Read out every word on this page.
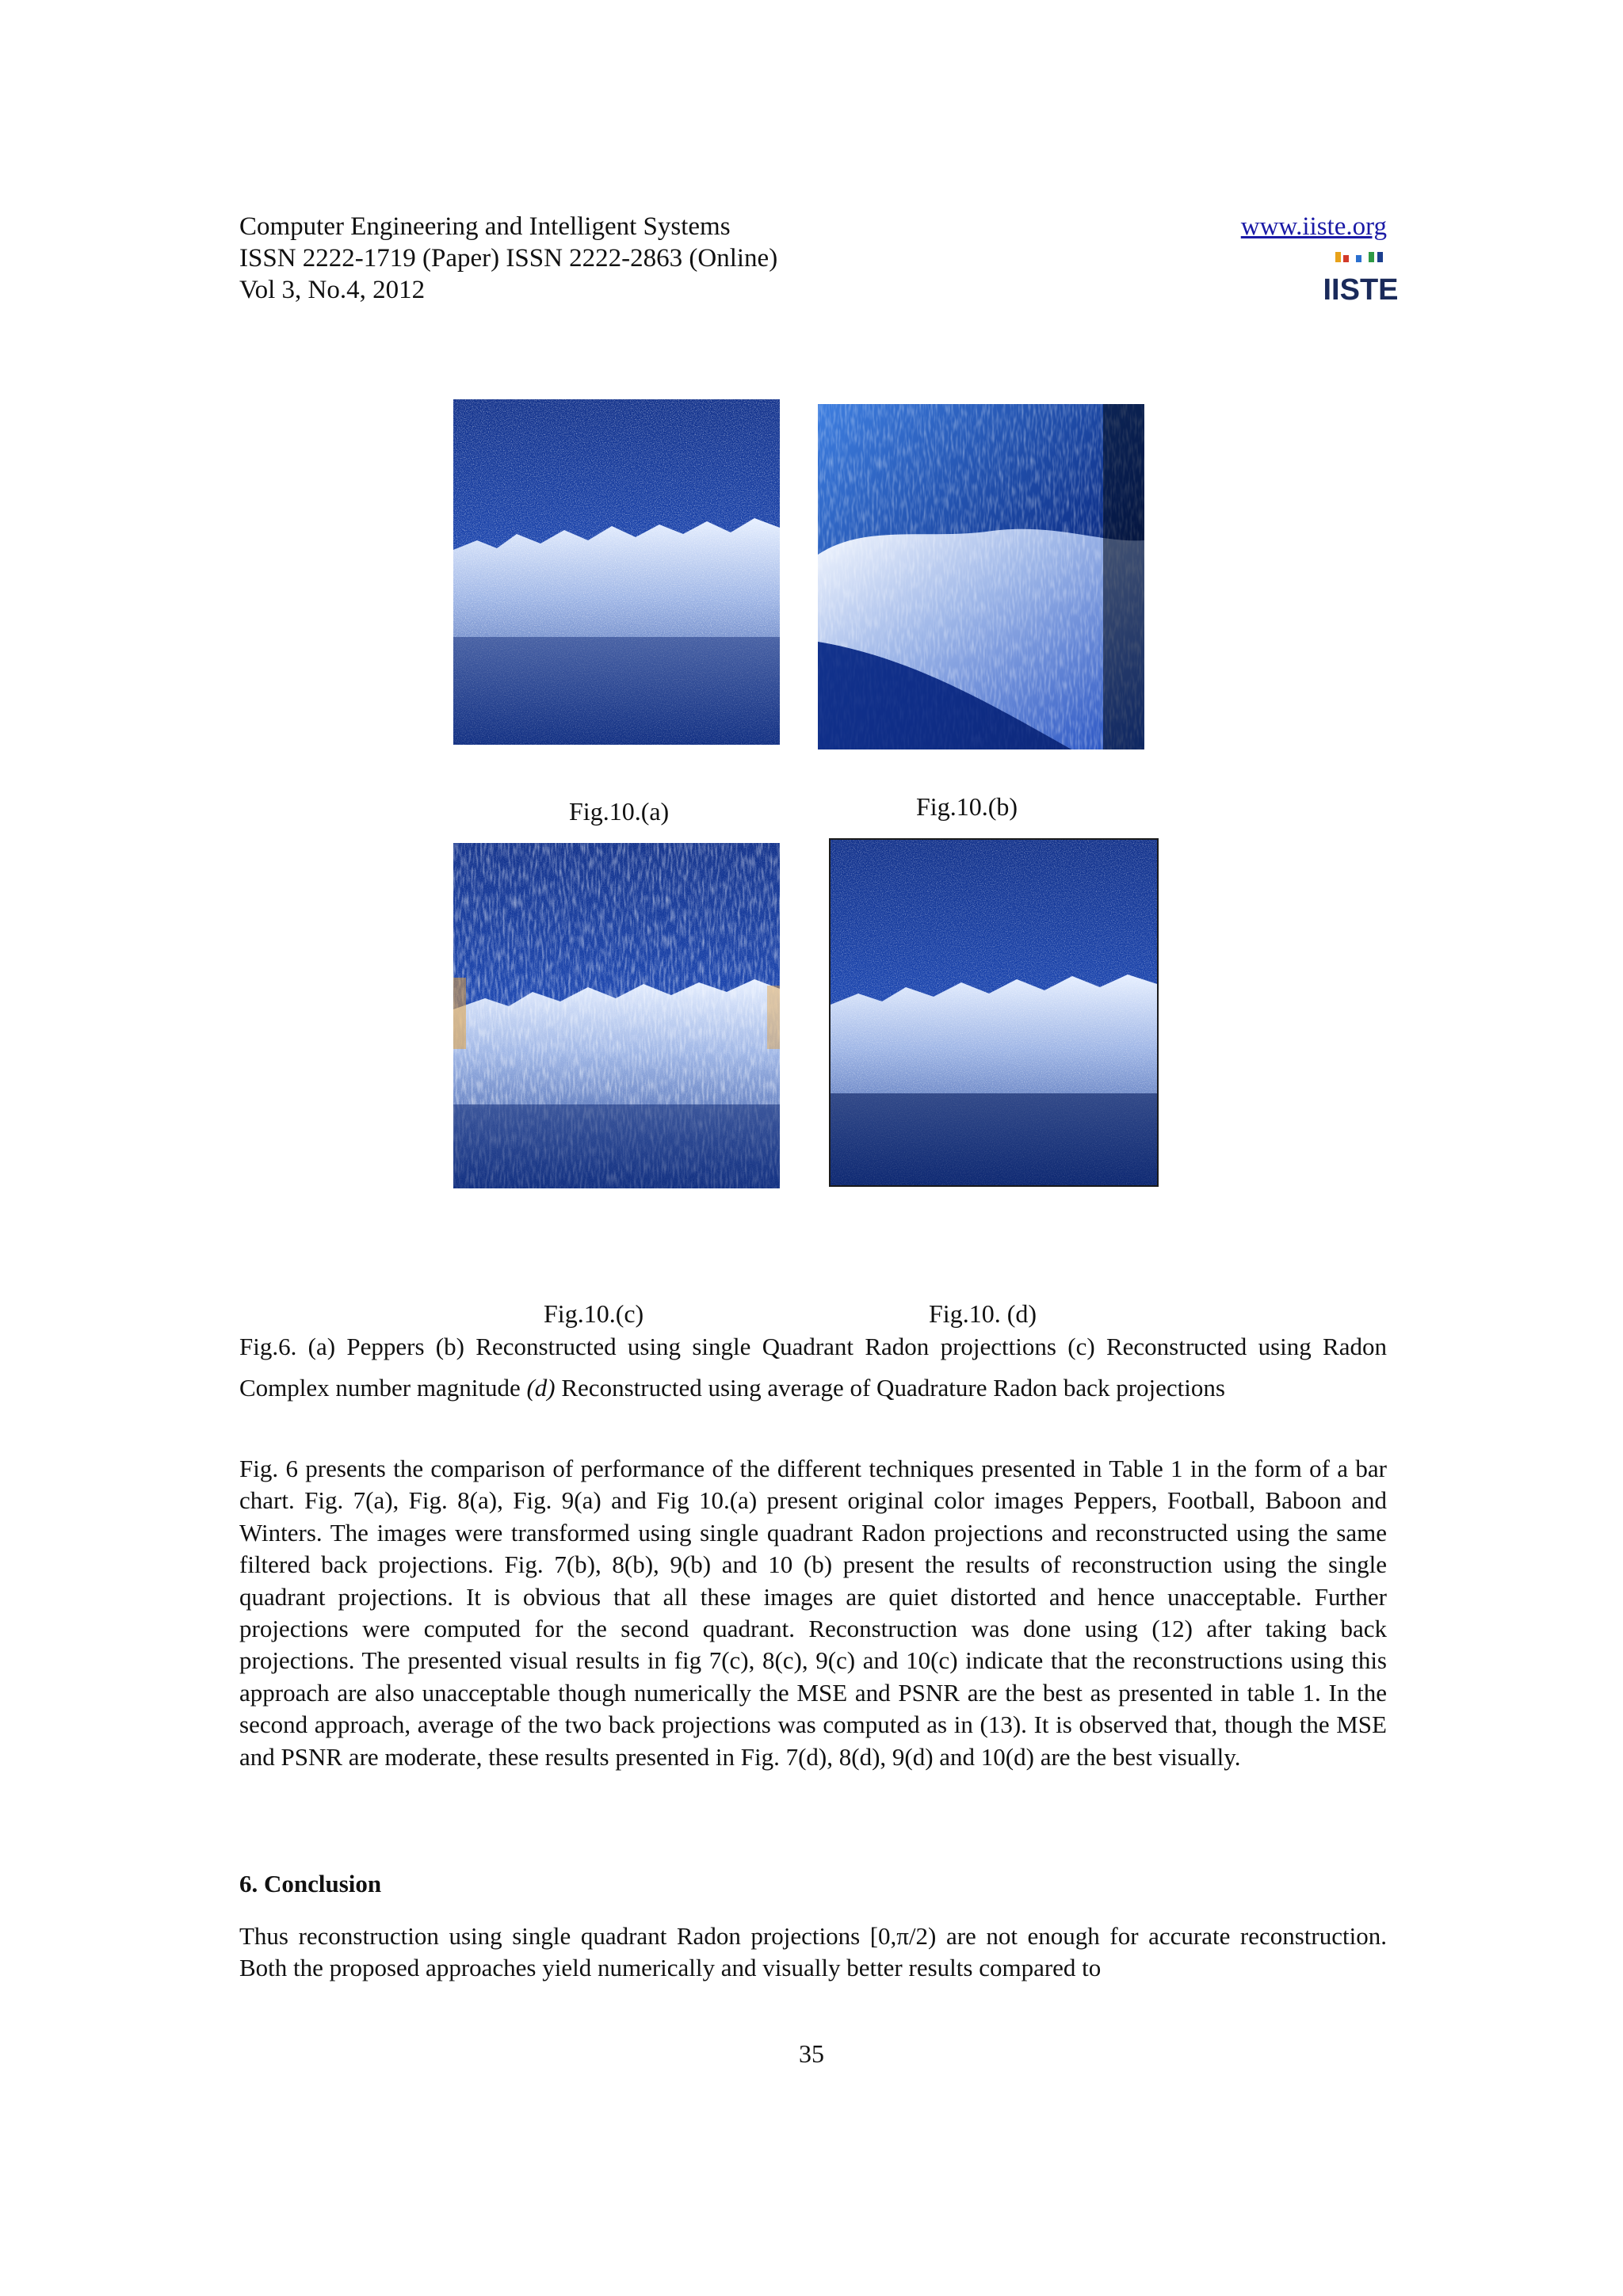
Computer Engineering and Intelligent Systems
ISSN 2222-1719 (Paper) ISSN 2222-2863 (Online)
Vol 3, No.4, 2012
www.iiste.org
IISTE
Fig.10.(a)	Fig.10.(b)
Fig.10.(c)	Fig.10. (d)
Fig.6. (a) Peppers (b) Reconstructed using single Quadrant Radon projecttions (c) Reconstructed using Radon Complex number magnitude (d) Reconstructed using average of Quadrature Radon back projections
Fig. 6 presents the comparison of performance of the different techniques presented in Table 1 in the form of a bar chart. Fig. 7(a), Fig. 8(a), Fig. 9(a) and Fig 10.(a) present original color images Peppers, Football, Baboon and Winters. The images were transformed using single quadrant Radon projections and reconstructed using the same filtered back projections. Fig. 7(b), 8(b), 9(b) and 10 (b) present the results of reconstruction using the single quadrant projections. It is obvious that all these images are quiet distorted and hence unacceptable. Further projections were computed for the second quadrant. Reconstruction was done using (12) after taking back projections. The presented visual results in fig 7(c), 8(c), 9(c) and 10(c) indicate that the reconstructions using this approach are also unacceptable though numerically the MSE and PSNR are the best as presented in table 1. In the second approach, average of the two back projections was computed as in (13). It is observed that, though the MSE and PSNR are moderate, these results presented in Fig. 7(d), 8(d), 9(d) and 10(d) are the best visually.
6. Conclusion
Thus reconstruction using single quadrant Radon projections [0,π/2) are not enough for accurate reconstruction. Both the proposed approaches yield numerically and visually better results compared to
35
